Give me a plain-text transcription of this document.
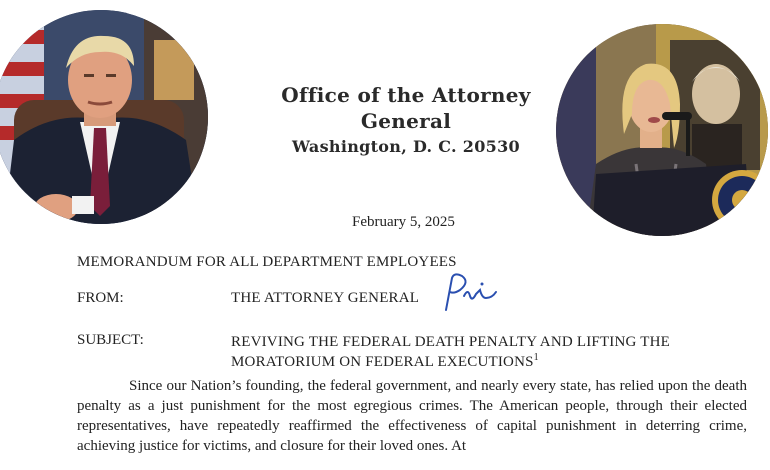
Office of the Attorney General
Washington, D. C. 20530
February 5, 2025
MEMORANDUM FOR ALL DEPARTMENT EMPLOYEES
FROM:	THE ATTORNEY GENERAL
SUBJECT:	REVIVING THE FEDERAL DEATH PENALTY AND LIFTING THE MORATORIUM ON FEDERAL EXECUTIONS$^1$

Since our Nation’s founding, the federal government, and nearly every state, has relied upon the death penalty as a just punishment for the most egregious crimes. The American people, through their elected representatives, have repeatedly reaffirmed the effectiveness of capital punishment in deterring crime, achieving justice for victims, and closure for their loved ones. At
